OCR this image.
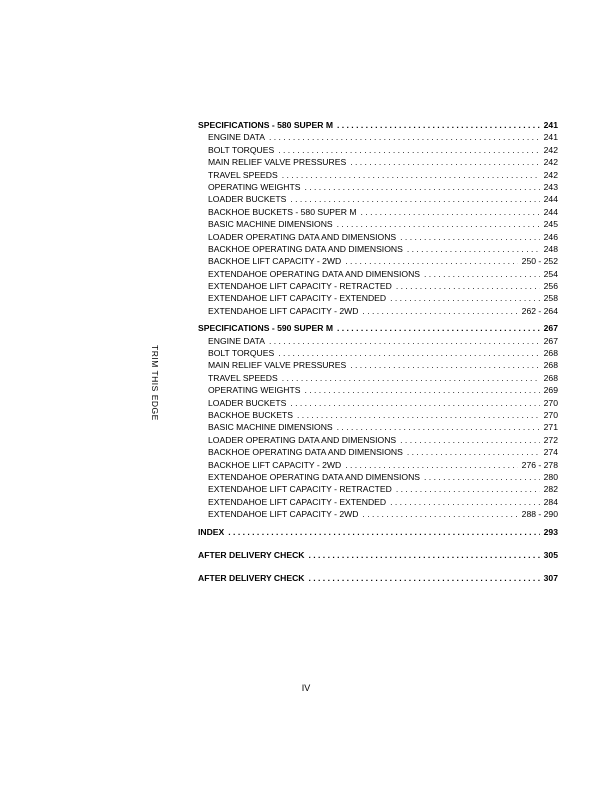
TRIM THIS EDGE
SPECIFICATIONS - 580 SUPER M . . .	241
ENGINE DATA . . .	241
BOLT TORQUES . . .	242
MAIN RELIEF VALVE PRESSURES . . .	242
TRAVEL SPEEDS . . .	242
OPERATING WEIGHTS . . .	243
LOADER BUCKETS . . .	244
BACKHOE BUCKETS - 580 SUPER M . . .	244
BASIC MACHINE DIMENSIONS . . .	245
LOADER OPERATING DATA AND DIMENSIONS . . .	246
BACKHOE OPERATING DATA AND DIMENSIONS . . .	248
BACKHOE LIFT CAPACITY - 2WD . . .	250 - 252
EXTENDAHOE OPERATING DATA AND DIMENSIONS . . .	254
EXTENDAHOE LIFT CAPACITY - RETRACTED . . .	256
EXTENDAHOE LIFT CAPACITY - EXTENDED . . .	258
EXTENDAHOE LIFT CAPACITY - 2WD . . .	262 - 264
SPECIFICATIONS - 590 SUPER M . . .	267
ENGINE DATA . . .	267
BOLT TORQUES . . .	268
MAIN RELIEF VALVE PRESSURES . . .	268
TRAVEL SPEEDS . . .	268
OPERATING WEIGHTS . . .	269
LOADER BUCKETS . . .	270
BACKHOE BUCKETS . . .	270
BASIC MACHINE DIMENSIONS . . .	271
LOADER OPERATING DATA AND DIMENSIONS . . .	272
BACKHOE OPERATING DATA AND DIMENSIONS . . .	274
BACKHOE LIFT CAPACITY - 2WD . . .	276 - 278
EXTENDAHOE OPERATING DATA AND DIMENSIONS . . .	280
EXTENDAHOE LIFT CAPACITY - RETRACTED . . .	282
EXTENDAHOE LIFT CAPACITY - EXTENDED . . .	284
EXTENDAHOE LIFT CAPACITY - 2WD . . .	288 - 290
INDEX . . .	293
AFTER DELIVERY CHECK . . .	305
AFTER DELIVERY CHECK . . .	307
IV
